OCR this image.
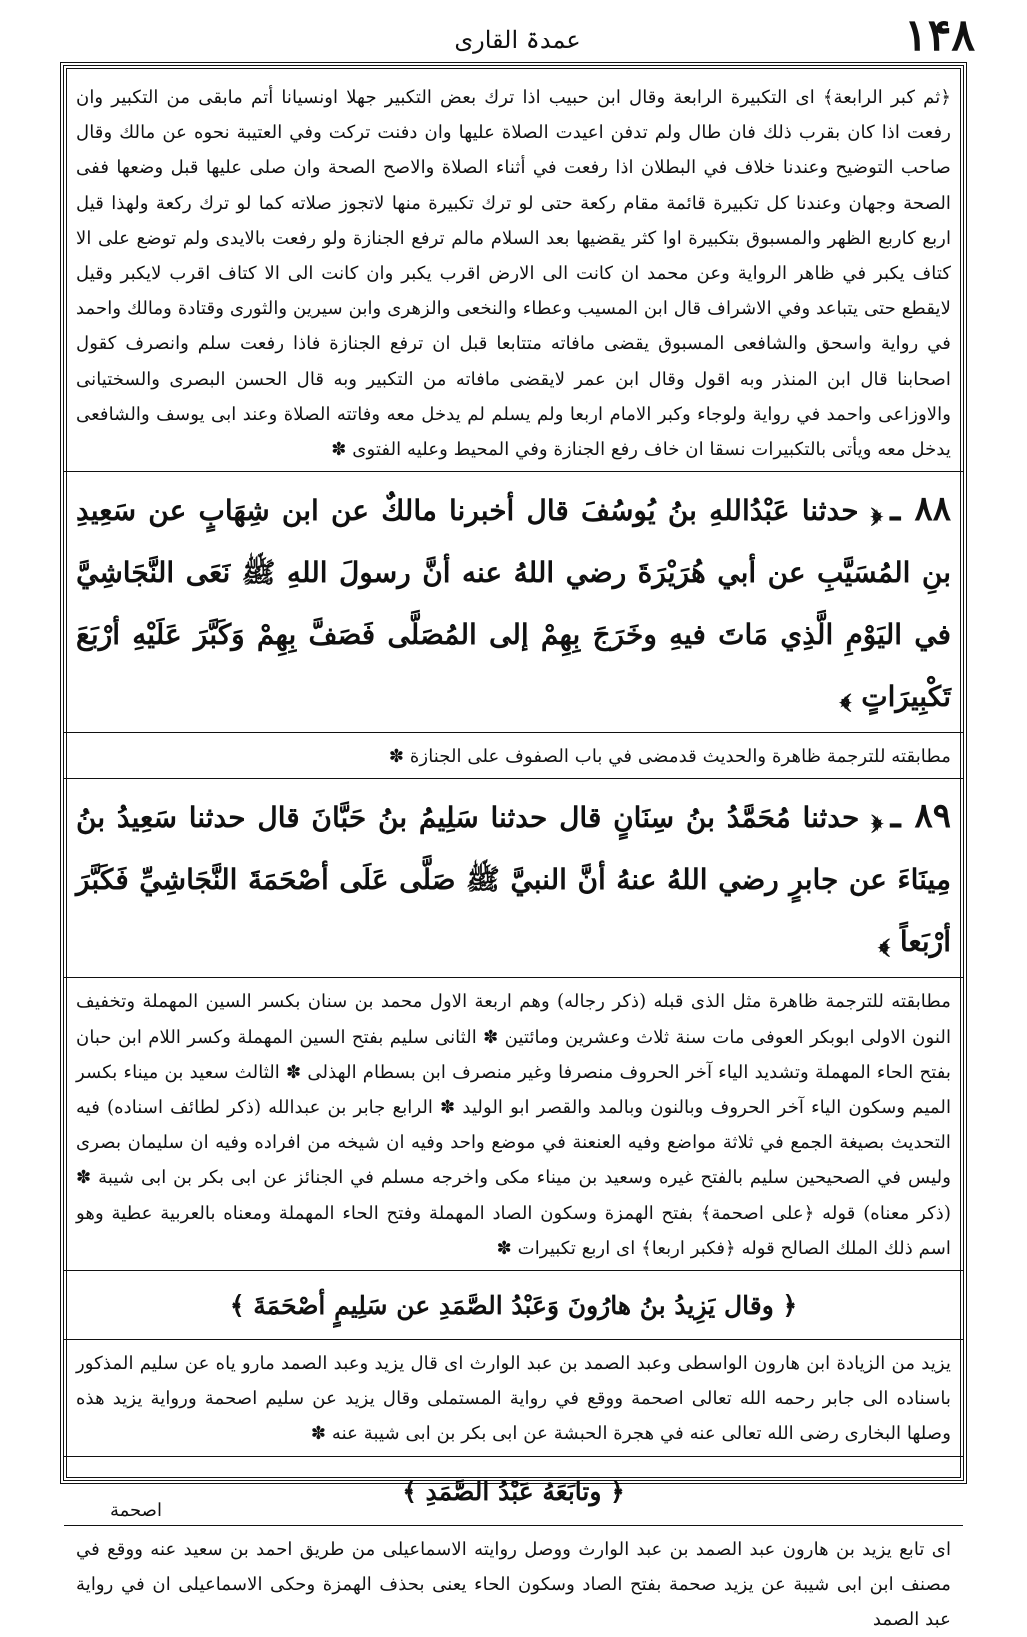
۱۴۸
عمدۃ القاری

﴿ثم كبر الرابعة﴾ اى التكبيرة الرابعة وقال ابن حبيب اذا ترك بعض التكبير جهلا اونسيانا أتم مابقى من التكبير وان رفعت اذا كان بقرب ذلك فان طال ولم تدفن اعيدت الصلاة عليها وان دفنت تركت وفي العتيبة نحوه عن مالك وقال صاحب التوضيح وعندنا خلاف في البطلان اذا رفعت في أثناء الصلاة والاصح الصحة وان صلى عليها قبل وضعها ففى الصحة وجهان وعندنا كل تكبيرة قائمة مقام ركعة حتى لو ترك تكبيرة منها لاتجوز صلاته كما لو ترك ركعة ولهذا قيل اربع كاربع الظهر والمسبوق بتكبيرة اوا كثر يقضيها بعد السلام مالم ترفع الجنازة ولو رفعت بالايدى ولم توضع على الا كتاف يكبر في ظاهر الرواية وعن محمد ان كانت الى الارض اقرب يكبر وان كانت الى الا كتاف اقرب لايكبر وقيل لايقطع حتى يتباعد وفي الاشراف قال ابن المسيب وعطاء والنخعى والزهرى وابن سيرين والثورى وقتادة ومالك واحمد في رواية واسحق والشافعى المسبوق يقضى مافاته متتابعا قبل ان ترفع الجنازة فاذا رفعت سلم وانصرف كقول اصحابنا قال ابن المنذر وبه اقول وقال ابن عمر لايقضى مافاته من التكبير وبه قال الحسن البصرى والسختيانى والاوزاعى واحمد في رواية ولوجاء وكبر الامام اربعا ولم يسلم لم يدخل معه وفاتته الصلاة وعند ابى يوسف والشافعى يدخل معه ويأتى بالتكبيرات نسقا ان خاف رفع الجنازة وفي المحيط وعليه الفتوى ✽

۸۸ ـ﴿ حدثنا عَبْدُاللهِ بنُ يُوسُفَ قال أخبرنا مالكٌ عن ابن شِهَابٍ عن سَعِيدِ بنِ المُسَيَّبِ عن أبي هُرَيْرَةَ رضي اللهُ عنه أنَّ رسولَ اللهِ ﷺ نَعَى النَّجَاشِيَّ في اليَوْمِ الَّذِي مَاتَ فيهِ وخَرَجَ بِهِمْ إلى المُصَلَّى فَصَفَّ بِهِمْ وَكَبَّرَ عَلَيْهِ أرْبَعَ تَكْبِيرَاتٍ ﴾

مطابقته للترجمة ظاهرة والحديث قدمضى في باب الصفوف على الجنازة ✽

۸۹ ـ﴿ حدثنا مُحَمَّدُ بنُ سِنَانٍ قال حدثنا سَلِيمُ بنُ حَبَّانَ قال حدثنا سَعِيدُ بنُ مِينَاءَ عن جابرٍ رضي اللهُ عنهُ أنَّ النبيَّ ﷺ صَلَّى عَلَى أصْحَمَةَ النَّجَاشِيِّ فَكَبَّرَ أرْبَعاً ﴾

مطابقته للترجمة ظاهرة مثل الذى قبله (ذكر رجاله) وهم اربعة الاول محمد بن سنان بكسر السين المهملة وتخفيف النون الاولى ابوبكر العوفى مات سنة ثلاث وعشرين ومائتين ✽ الثانى سليم بفتح السين المهملة وكسر اللام ابن حبان بفتح الحاء المهملة وتشديد الياء آخر الحروف منصرفا وغير منصرف ابن بسطام الهذلى ✽ الثالث سعيد بن ميناء بكسر الميم وسكون الياء آخر الحروف وبالنون وبالمد والقصر ابو الوليد ✽ الرابع جابر بن عبدالله (ذكر لطائف اسناده) فيه التحديث بصيغة الجمع في ثلاثة مواضع وفيه العنعنة في موضع واحد وفيه ان شيخه من افراده وفيه ان سليمان بصرى وليس في الصحيحين سليم بالفتح غيره وسعيد بن ميناء مكى واخرجه مسلم في الجنائز عن ابى بكر بن ابى شيبة ✽ (ذكر معناه) قوله ﴿على اصحمة﴾ بفتح الهمزة وسكون الصاد المهملة وفتح الحاء المهملة ومعناه بالعربية عطية وهو اسم ذلك الملك الصالح قوله ﴿فكبر اربعا﴾ اى اربع تكبيرات ✽

﴿ وقال يَزِيدُ بنُ هارُونَ وَعَبْدُ الصَّمَدِ عن سَلِيمٍ أصْحَمَةَ ﴾

يزيد من الزيادة ابن هارون الواسطى وعبد الصمد بن عبد الوارث اى قال يزيد وعبد الصمد مارو ياه عن سليم المذكور باسناده الى جابر رحمه الله تعالى اصحمة ووقع في رواية المستملى وقال يزيد عن سليم اصحمة ورواية يزيد هذه وصلها البخارى رضى الله تعالى عنه في هجرة الحبشة عن ابى بكر بن ابى شيبة عنه ✽

﴿ وتابَعَهُ عَبْدُ الصَّمَدِ ﴾

اى تابع يزيد بن هارون عبد الصمد بن عبد الوارث ووصل روايته الاسماعيلى من طريق احمد بن سعيد عنه ووقع في مصنف ابن ابى شيبة عن يزيد صحمة بفتح الصاد وسكون الحاء يعنى بحذف الهمزة وحكى الاسماعيلى ان في رواية عبد الصمد

اصحمة
